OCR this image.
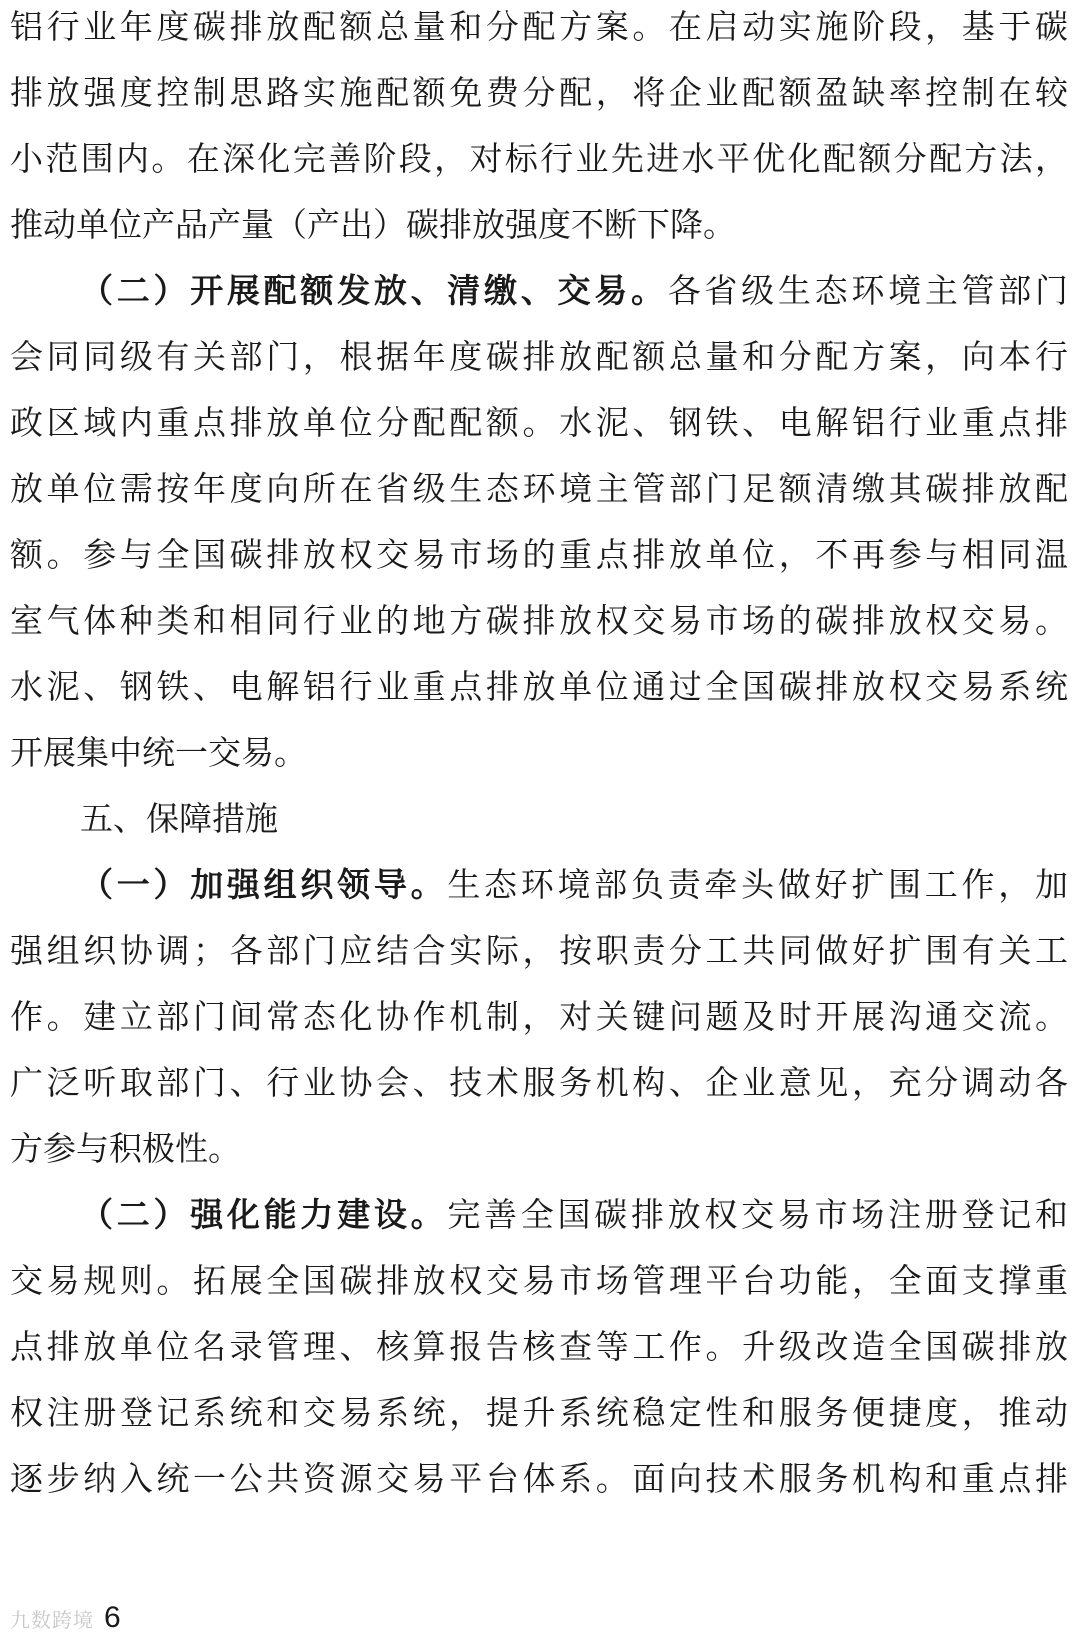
铝行业年度碳排放配额总量和分配方案。在启动实施阶段，基于碳
排放强度控制思路实施配额免费分配，将企业配额盈缺率控制在较
小范围内。在深化完善阶段，对标行业先进水平优化配额分配方法，
推动单位产品产量（产出）碳排放强度不断下降。
（二）开展配额发放、清缴、交易。各省级生态环境主管部门
会同同级有关部门，根据年度碳排放配额总量和分配方案，向本行
政区域内重点排放单位分配配额。水泥、钢铁、电解铝行业重点排
放单位需按年度向所在省级生态环境主管部门足额清缴其碳排放配
额。参与全国碳排放权交易市场的重点排放单位，不再参与相同温
室气体种类和相同行业的地方碳排放权交易市场的碳排放权交易。
水泥、钢铁、电解铝行业重点排放单位通过全国碳排放权交易系统
开展集中统一交易。
五、保障措施
（一）加强组织领导。生态环境部负责牵头做好扩围工作，加
强组织协调；各部门应结合实际，按职责分工共同做好扩围有关工
作。建立部门间常态化协作机制，对关键问题及时开展沟通交流。
广泛听取部门、行业协会、技术服务机构、企业意见，充分调动各
方参与积极性。
（二）强化能力建设。完善全国碳排放权交易市场注册登记和
交易规则。拓展全国碳排放权交易市场管理平台功能，全面支撑重
点排放单位名录管理、核算报告核查等工作。升级改造全国碳排放
权注册登记系统和交易系统，提升系统稳定性和服务便捷度，推动
逐步纳入统一公共资源交易平台体系。面向技术服务机构和重点排
九数跨境 6
